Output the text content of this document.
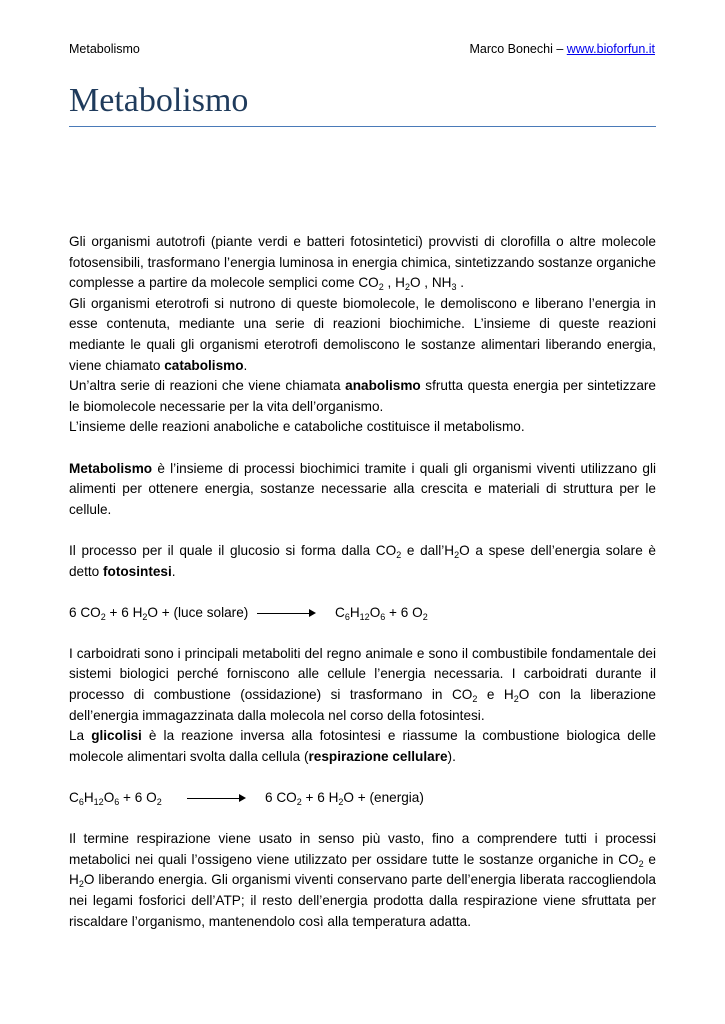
Metabolismo	Marco Bonechi – www.bioforfun.it
Metabolismo

Gli organismi autotrofi (piante verdi e batteri fotosintetici) provvisti di clorofilla o altre molecole fotosensibili, trasformano l’energia luminosa in energia chimica, sintetizzando sostanze organiche complesse a partire da molecole semplici come $CO_2$ , $H_2O$ , $NH_3$ .

Gli organismi eterotrofi si nutrono di queste biomolecole, le demoliscono e liberano l’energia in esse contenuta, mediante una serie di reazioni biochimiche. L’insieme di queste reazioni mediante le quali gli organismi eterotrofi demoliscono le sostanze alimentari liberando energia, viene chiamato catabolismo.

Un’altra serie di reazioni che viene chiamata anabolismo sfrutta questa energia per sintetizzare le biomolecole necessarie per la vita dell’organismo.

L’insieme delle reazioni anaboliche e cataboliche costituisce il metabolismo.

Metabolismo è l’insieme di processi biochimici tramite i quali gli organismi viventi utilizzano gli alimenti per ottenere energia, sostanze necessarie alla crescita e materiali di struttura per le cellule.

Il processo per il quale il glucosio si forma dalla $CO_2$ e $dall’H_2O$ a spese dell’energia solare è detto fotosintesi.

6 $CO_2 + 6$ $H_2O$ + (luce solare)	$C_6H_{12}O_6 + 6$ $O_2$

I carboidrati sono i principali metaboliti del regno animale e sono il combustibile fondamentale dei sistemi biologici perché forniscono alle cellule l’energia necessaria. I carboidrati durante il processo di combustione (ossidazione) si trasformano in $CO_2$ e $H_2O$ con la liberazione dell’energia immagazzinata dalla molecola nel corso della fotosintesi.

La glicolisi è la reazione inversa alla fotosintesi e riassume la combustione biologica delle molecole alimentari svolta dalla cellula (respirazione cellulare).

$C_6H_{12}O_6 + 6$ $O_2$	6 $CO_2 + 6$ $H_2O$ + (energia)

Il termine respirazione viene usato in senso più vasto, fino a comprendere tutti i processi metabolici nei quali l’ossigeno viene utilizzato per ossidare tutte le sostanze organiche in $CO_2$ e $H_2O$ liberando energia. Gli organismi viventi conservano parte dell’energia liberata raccogliendola nei legami fosforici dell’ATP; il resto dell’energia prodotta dalla respirazione viene sfruttata per riscaldare l’organismo, mantenendolo così alla temperatura adatta.
